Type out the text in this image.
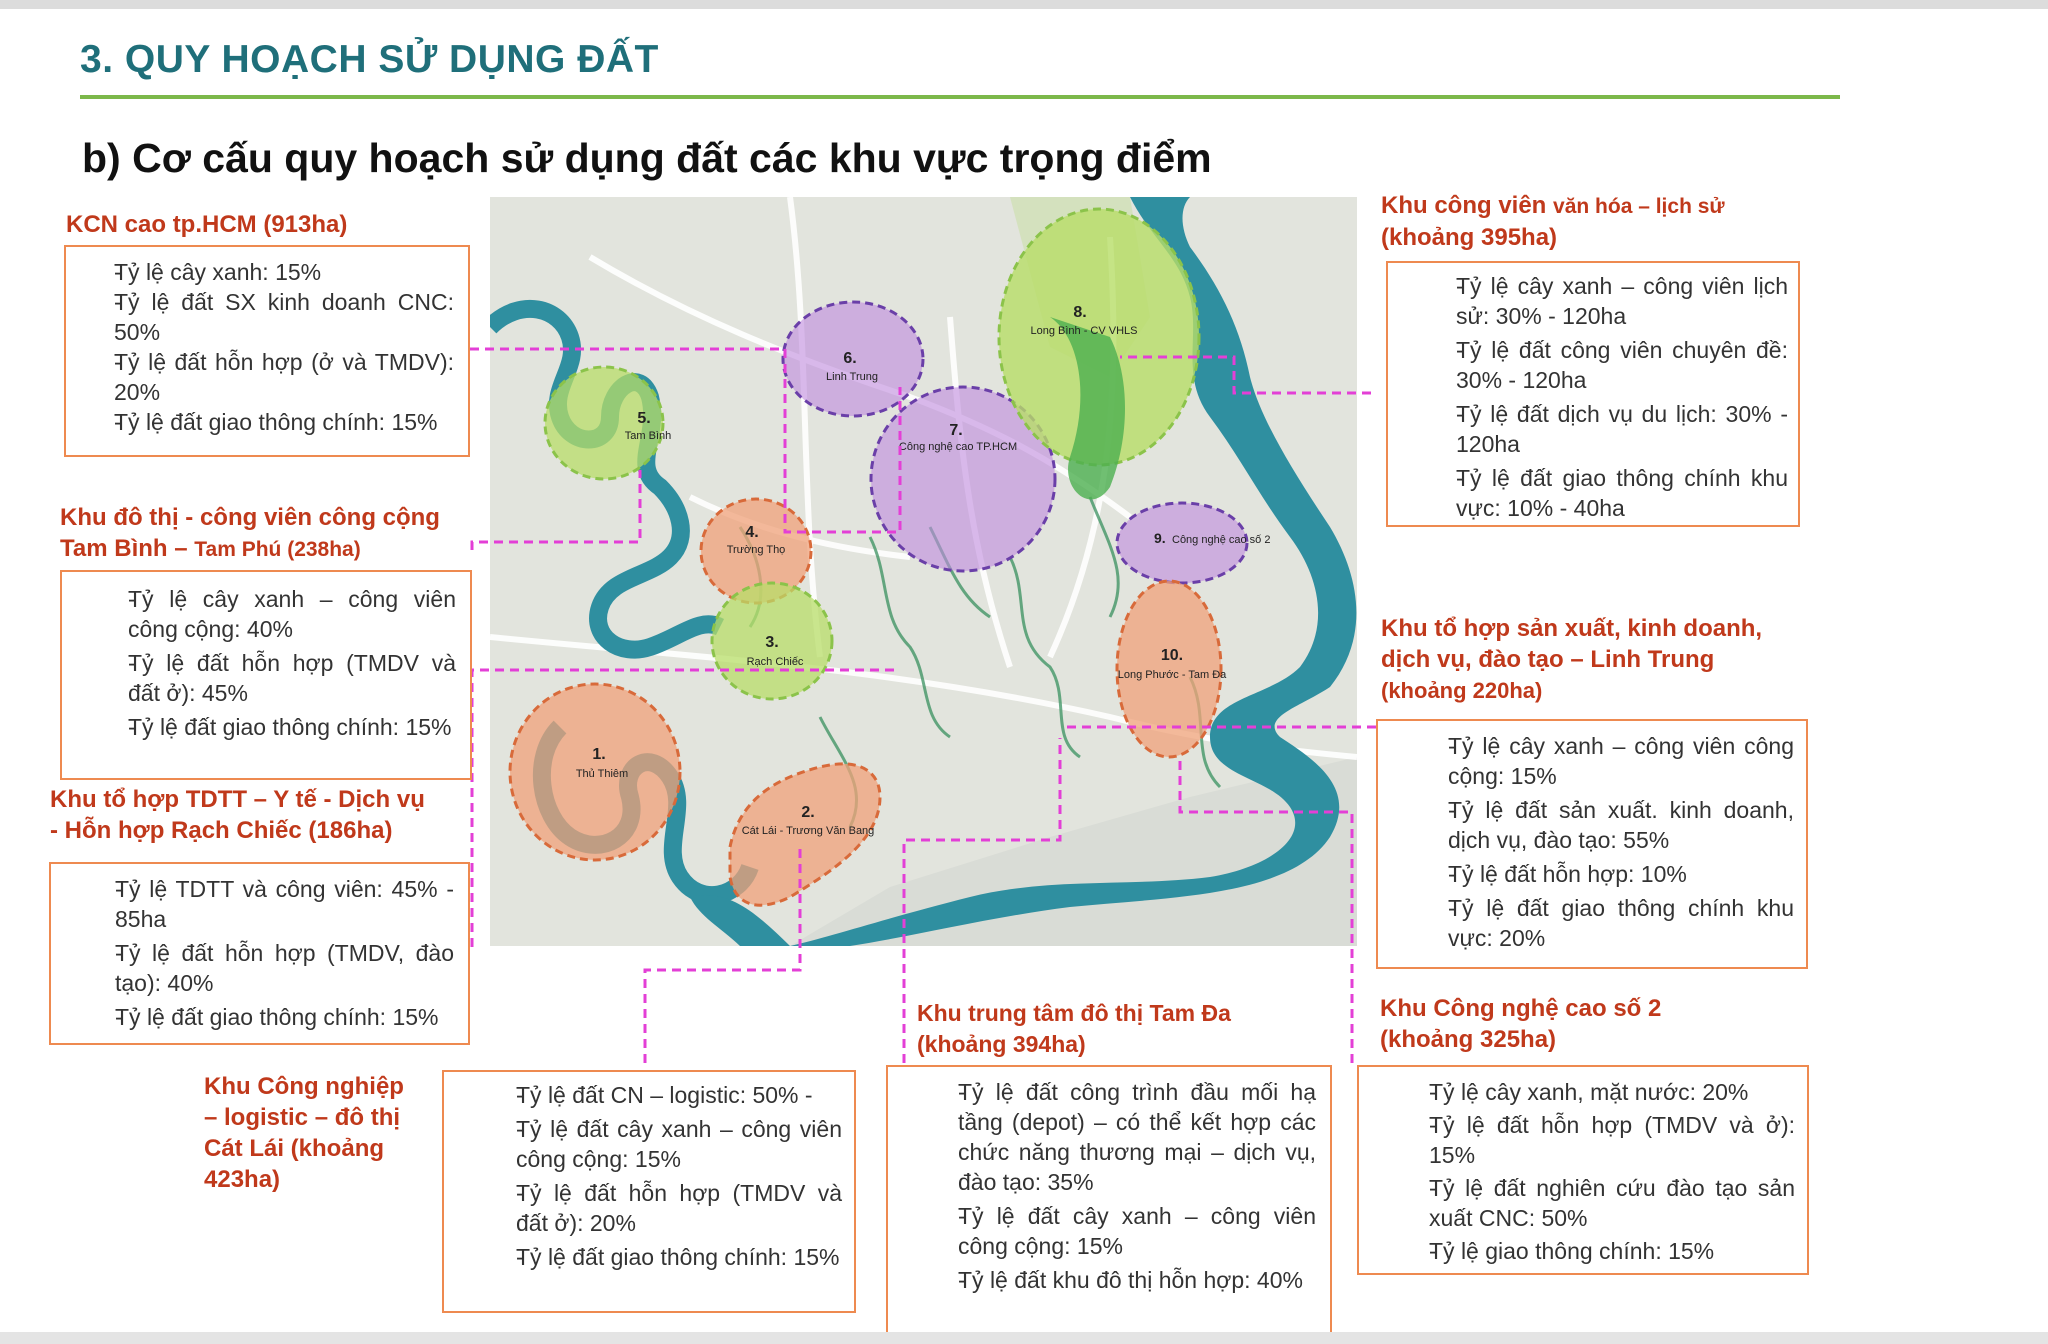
3. QUY HOẠCH SỬ DỤNG ĐẤT
b) Cơ cấu quy hoạch sử dụng đất các khu vực trọng điểm
1.
2.
3.
4.
5.
6.
7.
8.
10.
Thủ Thiêm
Cát Lái - Trương Văn Bang
Rạch Chiếc
Trường Thọ
Tam Bình
Linh Trung
Công nghệ cao TP.HCM
Long Bình - CV VHLS
Long Phước - Tam Đa
9. Công nghệ cao số 2
KCN cao tp.HCM (913ha)
- Tỷ lệ cây xanh: 15%
- Tỷ lệ đất SX kinh doanh CNC: 50%
- Tỷ lệ đất hỗn hợp (ở và TMDV): 20%
- Tỷ lệ đất giao thông chính: 15%
Khu đô thị - công viên công cộng
Tam Bình – Tam Phú (238ha)
- Tỷ lệ cây xanh – công viên công cộng: 40%
- Tỷ lệ đất hỗn hợp (TMDV và đất ở): 45%
- Tỷ lệ đất giao thông chính: 15%
Khu tổ hợp TDTT – Y tế - Dịch vụ
- Hỗn hợp Rạch Chiếc (186ha)
- Tỷ lệ TDTT và công viên: 45% - 85ha
- Tỷ lệ đất hỗn hợp (TMDV, đào tạo): 40%
- Tỷ lệ đất giao thông chính: 15%
Khu Công nghiệp
– logistic – đô thị
Cát Lái (khoảng
423ha)
- Tỷ lệ đất CN – logistic: 50% -
- Tỷ lệ đất cây xanh – công viên công cộng: 15%
- Tỷ lệ đất hỗn hợp (TMDV và đất ở): 20%
- Tỷ lệ đất giao thông chính: 15%
Khu trung tâm đô thị Tam Đa
(khoảng 394ha)
- Tỷ lệ đất công trình đầu mối hạ tầng (depot) – có thể kết hợp các chức năng thương mại – dịch vụ, đào tạo: 35%
- Tỷ lệ đất cây xanh – công viên công cộng: 15%
- Tỷ lệ đất khu đô thị hỗn hợp: 40%
Khu công viên văn hóa – lịch sử
(khoảng 395ha)
- Tỷ lệ cây xanh – công viên lịch sử: 30% - 120ha
- Tỷ lệ đất công viên chuyên đề: 30% - 120ha
- Tỷ lệ đất dịch vụ du lịch: 30% - 120ha
- Tỷ lệ đất giao thông chính khu vực: 10% - 40ha
Khu tổ hợp sản xuất, kinh doanh,
dịch vụ, đào tạo – Linh Trung
(khoảng 220ha)
- Tỷ lệ cây xanh – công viên công cộng: 15%
- Tỷ lệ đất sản xuất. kinh doanh, dịch vụ, đào tạo: 55%
- Tỷ lệ đất hỗn hợp: 10%
- Tỷ lệ đất giao thông chính khu vực: 20%
Khu Công nghệ cao số 2
(khoảng 325ha)
- Tỷ lệ cây xanh, mặt nước: 20%
- Tỷ lệ đất hỗn hợp (TMDV và ở): 15%
- Tỷ lệ đất nghiên cứu đào tạo sản xuất CNC: 50%
- Tỷ lệ giao thông chính: 15%
